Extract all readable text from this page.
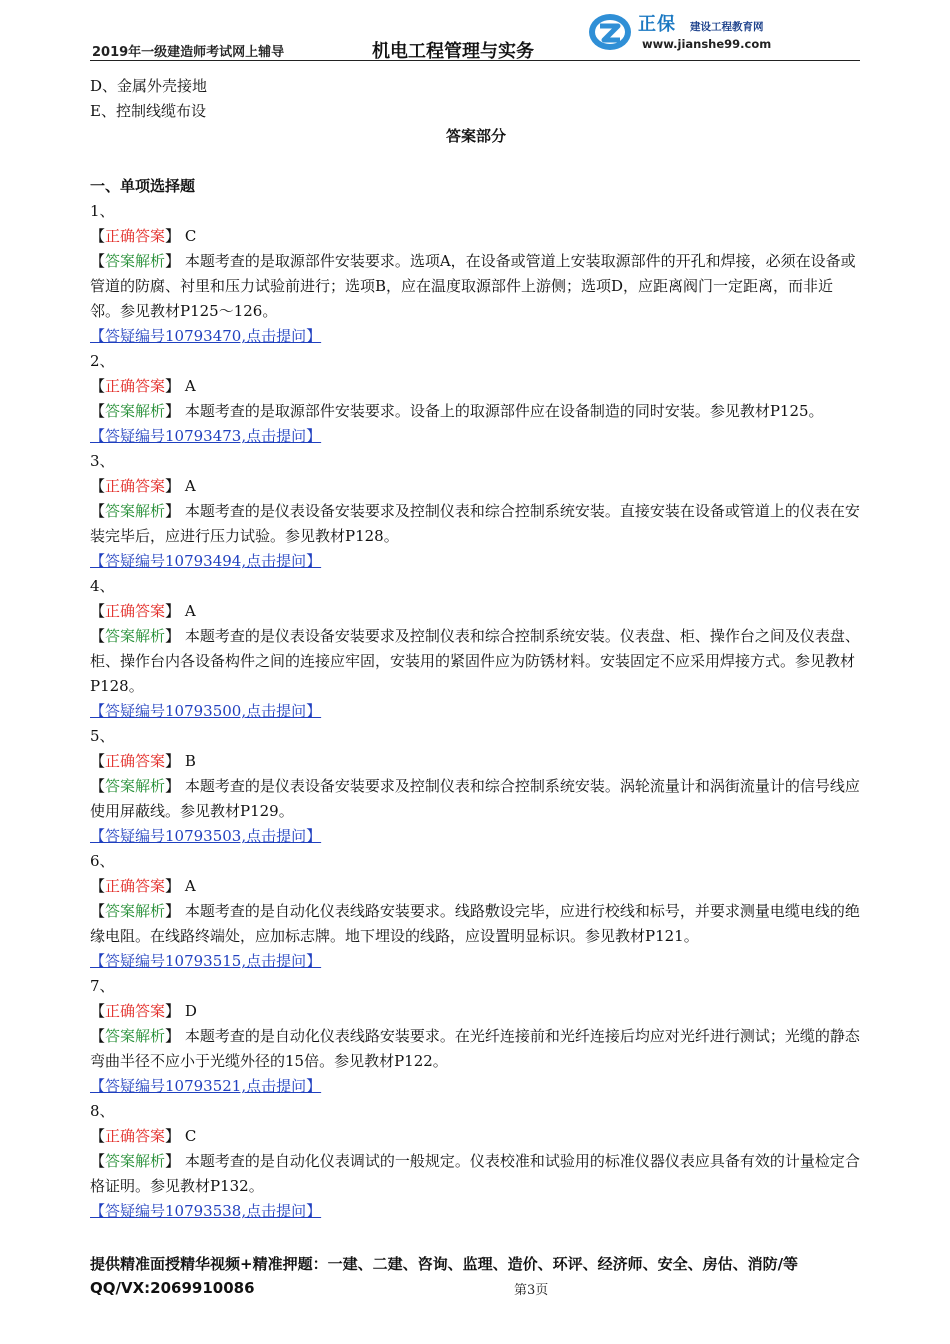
2019年一级建造师考试网上辅导	机电工程管理与实务
正保 建设工程教育网
www.jianshe99.com
D、金属外壳接地
E、控制线缆布设
答案部分
一、单项选择题
1、
【正确答案】 C
【答案解析】 本题考查的是取源部件安装要求。选项A，在设备或管道上安装取源部件的开孔和焊接，必须在设备或管道的防腐、衬里和压力试验前进行；选项B，应在温度取源部件上游侧；选项D，应距离阀门一定距离，而非近邻。参见教材P125～126。
【答疑编号10793470,点击提问】
2、
【正确答案】 A
【答案解析】 本题考查的是取源部件安装要求。设备上的取源部件应在设备制造的同时安装。参见教材P125。
【答疑编号10793473,点击提问】
3、
【正确答案】 A
【答案解析】 本题考查的是仪表设备安装要求及控制仪表和综合控制系统安装。直接安装在设备或管道上的仪表在安装完毕后，应进行压力试验。参见教材P128。
【答疑编号10793494,点击提问】
4、
【正确答案】 A
【答案解析】 本题考查的是仪表设备安装要求及控制仪表和综合控制系统安装。仪表盘、柜、操作台之间及仪表盘、柜、操作台内各设备构件之间的连接应牢固，安装用的紧固件应为防锈材料。安装固定不应采用焊接方式。参见教材P128。
【答疑编号10793500,点击提问】
5、
【正确答案】 B
【答案解析】 本题考查的是仪表设备安装要求及控制仪表和综合控制系统安装。涡轮流量计和涡街流量计的信号线应使用屏蔽线。参见教材P129。
【答疑编号10793503,点击提问】
6、
【正确答案】 A
【答案解析】 本题考查的是自动化仪表线路安装要求。线路敷设完毕，应进行校线和标号，并要求测量电缆电线的绝缘电阻。在线路终端处，应加标志牌。地下埋设的线路，应设置明显标识。参见教材P121。
【答疑编号10793515,点击提问】
7、
【正确答案】 D
【答案解析】 本题考查的是自动化仪表线路安装要求。在光纤连接前和光纤连接后均应对光纤进行测试；光缆的静态弯曲半径不应小于光缆外径的15倍。参见教材P122。
【答疑编号10793521,点击提问】
8、
【正确答案】 C
【答案解析】 本题考查的是自动化仪表调试的一般规定。仪表校准和试验用的标准仪器仪表应具备有效的计量检定合格证明。参见教材P132。
【答疑编号10793538,点击提问】
提供精准面授精华视频+精准押题：一建、二建、咨询、监理、造价、环评、经济师、安全、房估、消防/等
QQ/VX:2069910086	第3页
